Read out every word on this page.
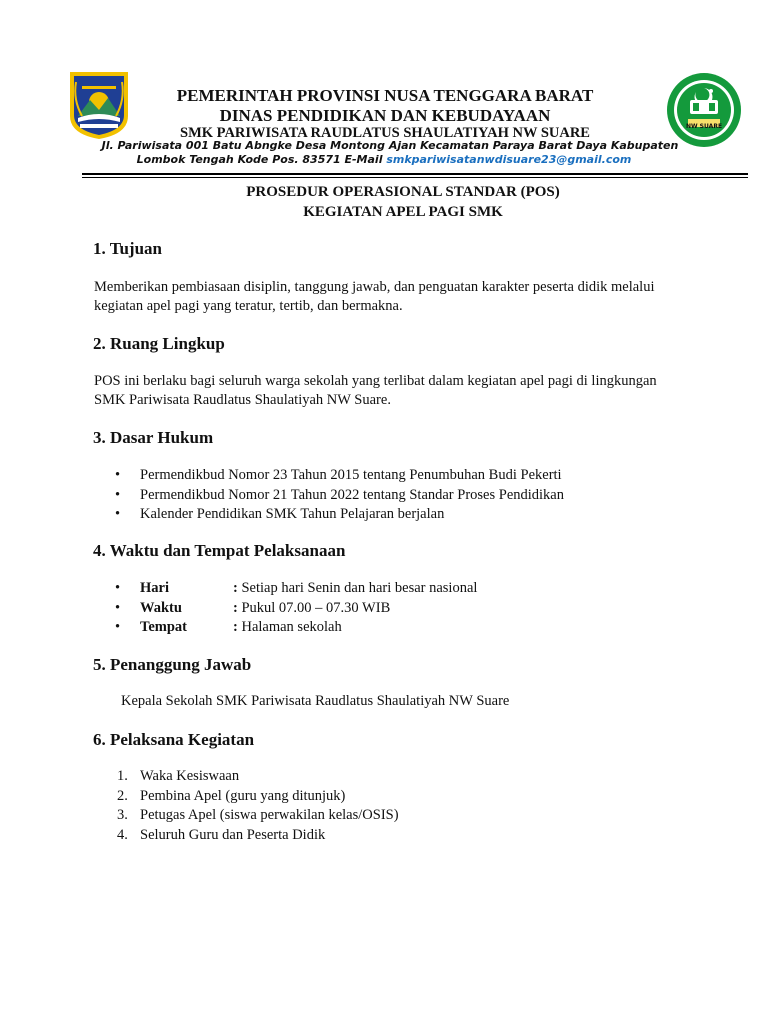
NW SUARE
PEMERINTAH PROVINSI NUSA TENGGARA BARAT
DINAS PENDIDIKAN DAN KEBUDAYAAN
SMK PARIWISATA RAUDLATUS SHAULATIYAH NW SUARE
Jl. Pariwisata 001 Batu Abngke Desa Montong Ajan Kecamatan Paraya Barat Daya Kabupaten
Lombok Tengah Kode Pos. 83571 E-Mail smkpariwisatanwdisuare23@gmail.com
PROSEDUR OPERASIONAL STANDAR (POS)
KEGIATAN APEL PAGI SMK
1. Tujuan

Memberikan pembiasaan disiplin, tanggung jawab, dan penguatan karakter peserta didik melalui

kegiatan apel pagi yang teratur, tertib, dan bermakna.

2. Ruang Lingkup

POS ini berlaku bagi seluruh warga sekolah yang terlibat dalam kegiatan apel pagi di lingkungan

SMK Pariwisata Raudlatus Shaulatiyah NW Suare.

3. Dasar Hukum
• Permendikbud Nomor 23 Tahun 2015 tentang Penumbuhan Budi Pekerti
• Permendikbud Nomor 21 Tahun 2022 tentang Standar Proses Pendidikan
• Kalender Pendidikan SMK Tahun Pelajaran berjalan
4. Waktu dan Tempat Pelaksanaan
• Hari	: Setiap hari Senin dan hari besar nasional
• Waktu	: Pukul 07.00 – 07.30 WIB
• Tempat	: Halaman sekolah
5. Penanggung Jawab

Kepala Sekolah SMK Pariwisata Raudlatus Shaulatiyah NW Suare

6. Pelaksana Kegiatan
1. Waka Kesiswaan
2. Pembina Apel (guru yang ditunjuk)
3. Petugas Apel (siswa perwakilan kelas/OSIS)
4. Seluruh Guru dan Peserta Didik
